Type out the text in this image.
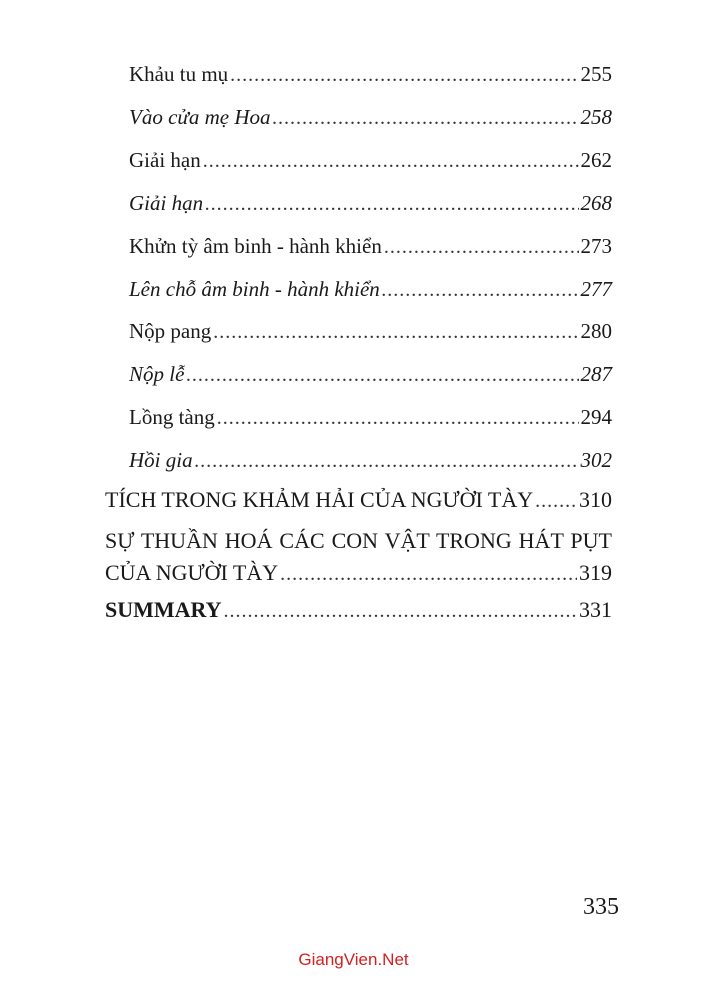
Khảu tu mụ .....	255
Vào cửa mẹ Hoa .....	258
Giải hạn .....	262
Giải hạn .....	268
Khửn tỳ âm binh - hành khiển .....	273
Lên chỗ âm binh - hành khiển .....	277
Nộp pang .....	280
Nộp lễ .....	287
Lồng tàng .....	294
Hồi gia .....	302
TÍCH TRONG KHẢM HẢI CỦA NGƯỜI TÀY ..... 310
SỰ THUẦN HOÁ CÁC CON VẬT TRONG HÁT PỤT
CỦA NGƯỜI TÀY .....	319
SUMMARY .....	331
335
GiangVien.Net
